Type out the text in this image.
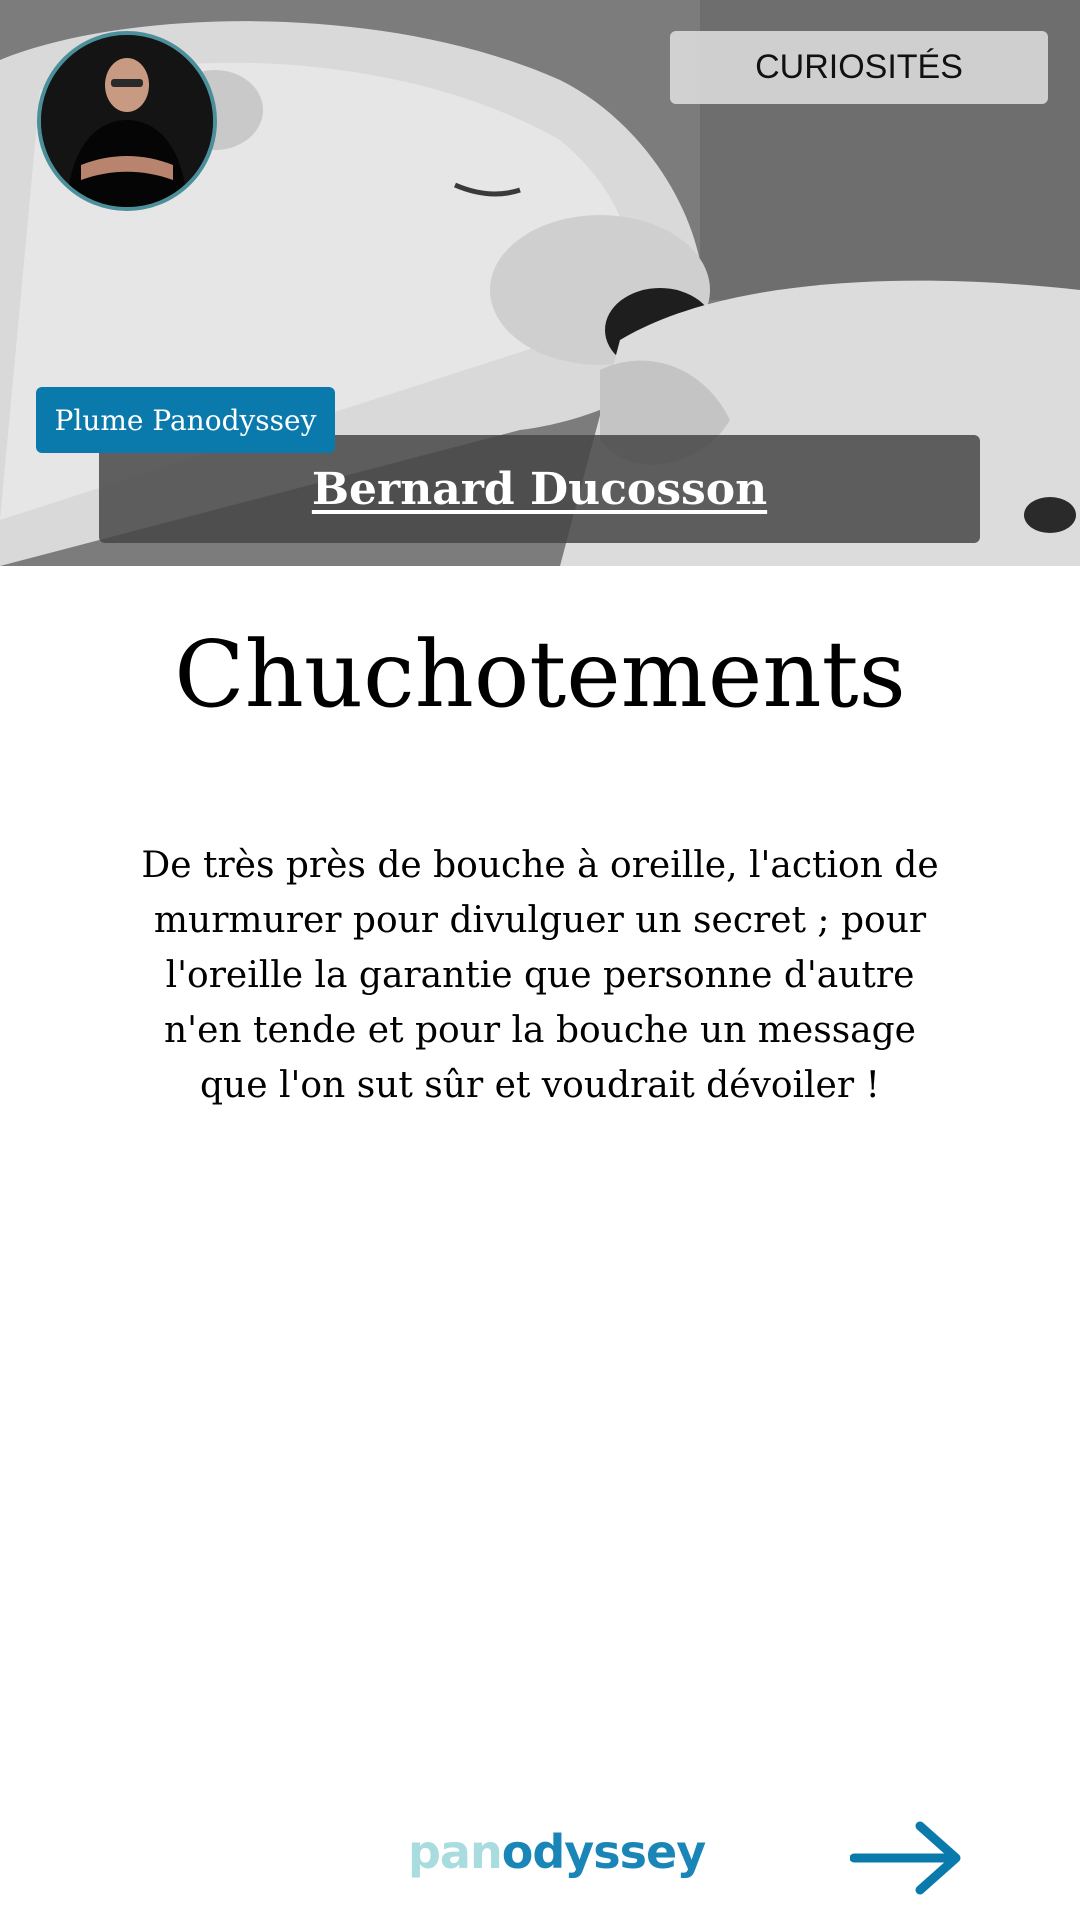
CURIOSITÉS
Plume Panodyssey
Bernard Ducosson
Chuchotements
De très près de bouche à oreille, l'action de murmurer pour divulguer un secret ; pour l'oreille la garantie que personne d'autre n'en tende et pour la bouche un message que l'on sut sûr et voudrait dévoiler !
panodyssey
